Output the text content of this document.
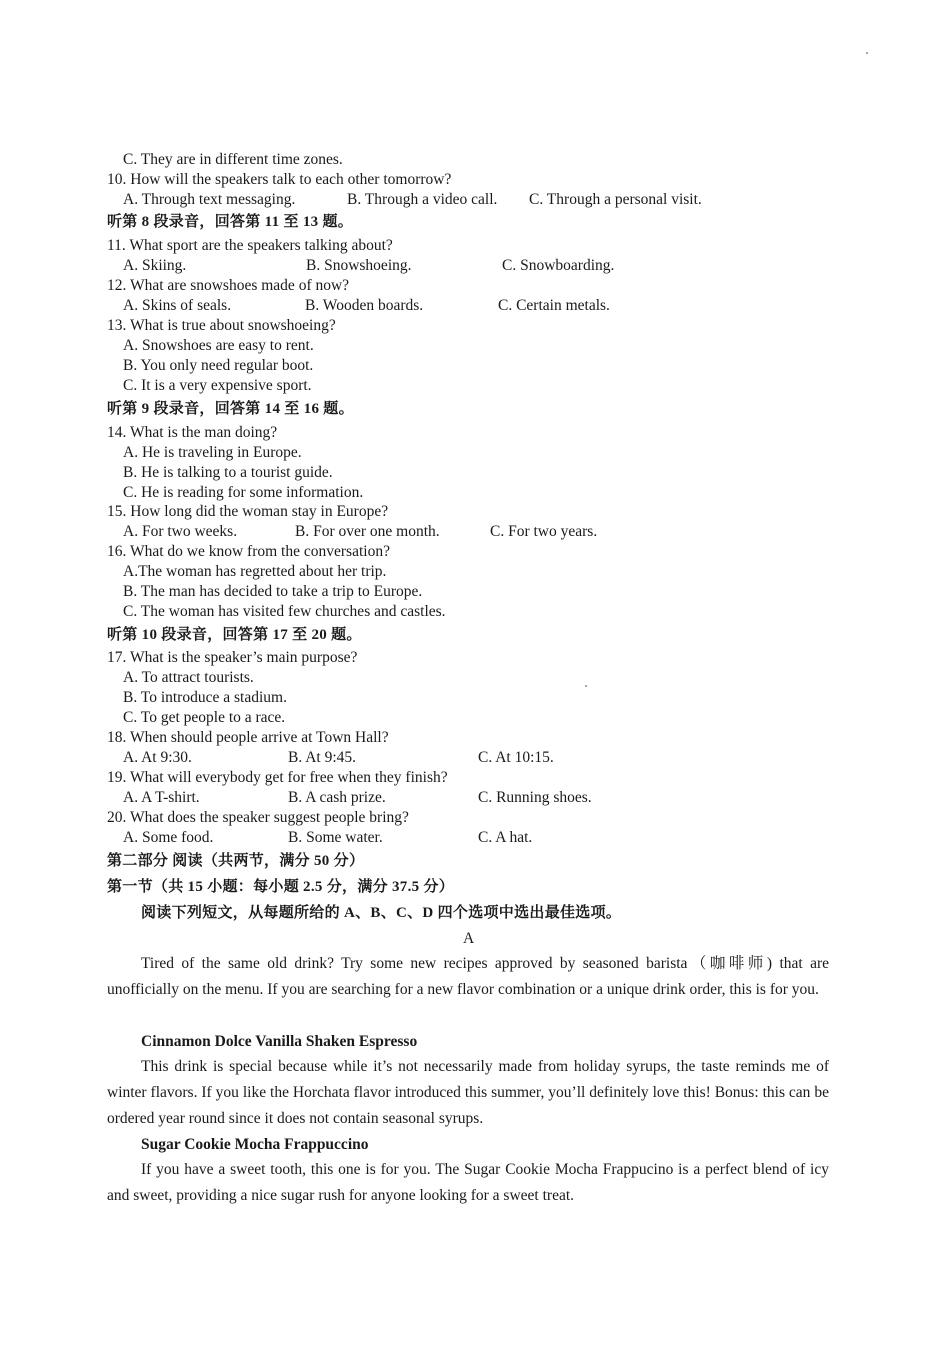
C. They are in different time zones.
10. How will the speakers talk to each other tomorrow?
A. Through text messaging.	B. Through a video call. C. Through a personal visit.
听第 8 段录音，回答第 11 至 13 题。
11. What sport are the speakers talking about?
A. Skiing.	B. Snowshoeing.	C. Snowboarding.
12. What are snowshoes made of now?
A. Skins of seals.	B. Wooden boards.	C. Certain metals.
13. What is true about snowshoeing?
A. Snowshoes are easy to rent.
B. You only need regular boot.
C. It is a very expensive sport.
听第 9 段录音，回答第 14 至 16 题。
14. What is the man doing?
A. He is traveling in Europe.
B. He is talking to a tourist guide.
C. He is reading for some information.
15. How long did the woman stay in Europe?
A. For two weeks.	B. For over one month.	C. For two years.
16. What do we know from the conversation?
A.The woman has regretted about her trip.
B. The man has decided to take a trip to Europe.
C. The woman has visited few churches and castles.
听第 10 段录音，回答第 17 至 20 题。
17. What is the speaker’s main purpose?
A. To attract tourists.
B. To introduce a stadium.
C. To get people to a race.
18. When should people arrive at Town Hall?
A. At 9:30.	B. At 9:45.	C. At 10:15.
19. What will everybody get for free when they finish?
A. A T-shirt.	B. A cash prize.	C. Running shoes.
20. What does the speaker suggest people bring?
A. Some food.	B. Some water.	C. A hat.
第二部分 阅读（共两节，满分 50 分）
第一节（共 15 小题：每小题 2.5 分，满分 37.5 分）
阅读下列短文，从每题所给的 A、B、C、D 四个选项中选出最佳选项。
A
Tired of the same old drink? Try some new recipes approved by seasoned barista（咖啡师) that are unofficially on the menu. If you are searching for a new flavor combination or a unique drink order, this is for you.
Cinnamon Dolce Vanilla Shaken Espresso
This drink is special because while it’s not necessarily made from holiday syrups, the taste reminds me of winter flavors. If you like the Horchata flavor introduced this summer, you’ll definitely love this! Bonus: this can be ordered year round since it does not contain seasonal syrups.
Sugar Cookie Mocha Frappuccino
If you have a sweet tooth, this one is for you. The Sugar Cookie Mocha Frappucino is a perfect blend of icy and sweet, providing a nice sugar rush for anyone looking for a sweet treat.
